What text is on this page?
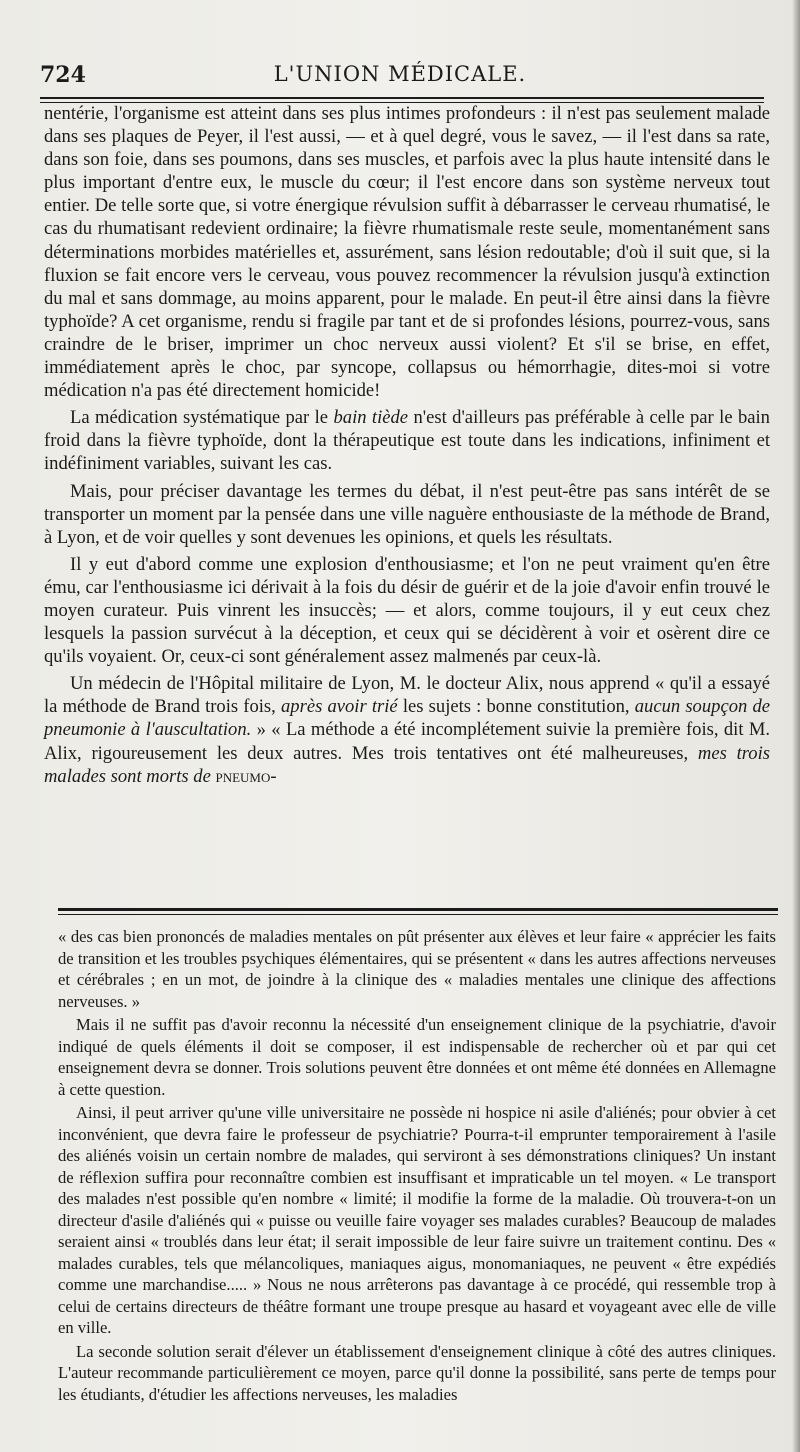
724	L'UNION MÉDICALE.

nentérie, l'organisme est atteint dans ses plus intimes profondeurs : il n'est pas seulement malade dans ses plaques de Peyer, il l'est aussi, — et à quel degré, vous le savez, — il l'est dans sa rate, dans son foie, dans ses poumons, dans ses muscles, et parfois avec la plus haute intensité dans le plus important d'entre eux, le muscle du cœur; il l'est encore dans son système nerveux tout entier. De telle sorte que, si votre énergique révulsion suffit à débarrasser le cerveau rhumatisé, le cas du rhumatisant redevient ordinaire; la fièvre rhumatismale reste seule, momentanément sans déterminations morbides matérielles et, assurément, sans lésion redoutable; d'où il suit que, si la fluxion se fait encore vers le cerveau, vous pouvez recommencer la révulsion jusqu'à extinction du mal et sans dommage, au moins apparent, pour le malade. En peut-il être ainsi dans la fièvre typhoïde? A cet organisme, rendu si fragile par tant et de si profondes lésions, pourrez-vous, sans craindre de le briser, imprimer un choc nerveux aussi violent? Et s'il se brise, en effet, immédiatement après le choc, par syncope, collapsus ou hémorrhagie, dites-moi si votre médication n'a pas été directement homicide!

La médication systématique par le bain tiède n'est d'ailleurs pas préférable à celle par le bain froid dans la fièvre typhoïde, dont la thérapeutique est toute dans les indications, infiniment et indéfiniment variables, suivant les cas.

Mais, pour préciser davantage les termes du débat, il n'est peut-être pas sans intérêt de se transporter un moment par la pensée dans une ville naguère enthousiaste de la méthode de Brand, à Lyon, et de voir quelles y sont devenues les opinions, et quels les résultats.

Il y eut d'abord comme une explosion d'enthousiasme; et l'on ne peut vraiment qu'en être ému, car l'enthousiasme ici dérivait à la fois du désir de guérir et de la joie d'avoir enfin trouvé le moyen curateur. Puis vinrent les insuccès; — et alors, comme toujours, il y eut ceux chez lesquels la passion survécut à la déception, et ceux qui se décidèrent à voir et osèrent dire ce qu'ils voyaient. Or, ceux-ci sont généralement assez malmenés par ceux-là.

Un médecin de l'Hôpital militaire de Lyon, M. le docteur Alix, nous apprend « qu'il a essayé la méthode de Brand trois fois, après avoir trié les sujets : bonne constitution, aucun soupçon de pneumonie à l'auscultation. » « La méthode a été incomplétement suivie la première fois, dit M. Alix, rigoureusement les deux autres. Mes trois tentatives ont été malheureuses, mes trois malades sont morts de pneumo-

« des cas bien prononcés de maladies mentales on pût présenter aux élèves et leur faire « apprécier les faits de transition et les troubles psychiques élémentaires, qui se présentent « dans les autres affections nerveuses et cérébrales ; en un mot, de joindre à la clinique des « maladies mentales une clinique des affections nerveuses. »

Mais il ne suffit pas d'avoir reconnu la nécessité d'un enseignement clinique de la psychiatrie, d'avoir indiqué de quels éléments il doit se composer, il est indispensable de rechercher où et par qui cet enseignement devra se donner. Trois solutions peuvent être données et ont même été données en Allemagne à cette question.

Ainsi, il peut arriver qu'une ville universitaire ne possède ni hospice ni asile d'aliénés; pour obvier à cet inconvénient, que devra faire le professeur de psychiatrie? Pourra-t-il emprunter temporairement à l'asile des aliénés voisin un certain nombre de malades, qui serviront à ses démonstrations cliniques? Un instant de réflexion suffira pour reconnaître combien est insuffisant et impraticable un tel moyen. « Le transport des malades n'est possible qu'en nombre « limité; il modifie la forme de la maladie. Où trouvera-t-on un directeur d'asile d'aliénés qui « puisse ou veuille faire voyager ses malades curables? Beaucoup de malades seraient ainsi « troublés dans leur état; il serait impossible de leur faire suivre un traitement continu. Des « malades curables, tels que mélancoliques, maniaques aigus, monomaniaques, ne peuvent « être expédiés comme une marchandise..... » Nous ne nous arrêterons pas davantage à ce procédé, qui ressemble trop à celui de certains directeurs de théâtre formant une troupe presque au hasard et voyageant avec elle de ville en ville.

La seconde solution serait d'élever un établissement d'enseignement clinique à côté des autres cliniques. L'auteur recommande particulièrement ce moyen, parce qu'il donne la possibilité, sans perte de temps pour les étudiants, d'étudier les affections nerveuses, les maladies
